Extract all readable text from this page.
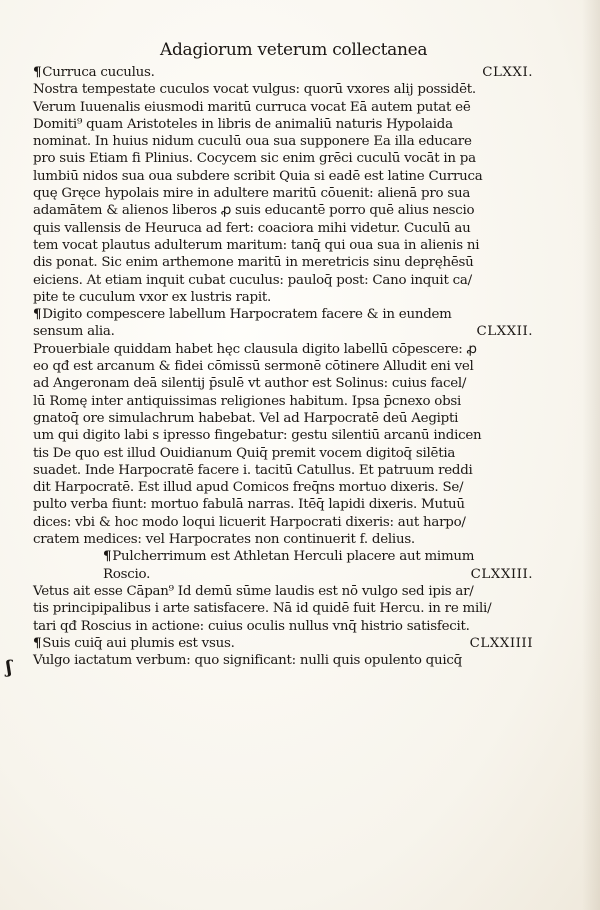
Adagiorum veterum collectanea
ʃ
¶Curruca cuculus.	CLXXI.
Nostra tempestate cuculos vocat vulgus: quorū vxores alij possidēt.
Verum Iuuenalis eiusmodi maritū curruca vocat Eā autem putat eē
Domiti⁹ quam Aristoteles in libris de animaliū naturis Hypolaida
nominat. In huius nidum cuculū oua sua supponere Ea illa educare
pro suis Etiam fi Plinius. Cocycem sic enim grēci cuculū vocāt in pa
lumbiū nidos sua oua subdere scribit Quia si eadē est latine Curruca
quę Gręce hypolais mire in adultere maritū cōuenit: alienā pro sua
adamātem & alienos liberos ꝓ suis educantē porro quē alius nescio
quis vallensis de Heuruca ad fert: coaciora mihi videtur. Cuculū au
tem vocat plautus adulterum maritum: tanq̄ qui oua sua in alienis ni
dis ponat. Sic enim arthemone maritū in meretricis sinu depręhēsū
eiciens. At etiam inquit cubat cuculus: pauloq̄ post: Cano inquit ca/
pite te cuculum vxor ex lustris rapit.
¶Digito compescere labellum Harpocratem facere & in eundem
sensum alia.	CLXXII.
Prouerbiale quiddam habet hęc clausula digito labellū cōpescere: ꝓ
eo qđ est arcanum & fidei cōmissū sermonē cōtinere Alludit eni vel
ad Angeronam deā silentij p̄sulē vt author est Solinus: cuius facel/
lū Romę inter antiquissimas religiones habitum. Ipsa p̄cnexo obsi
gnatoq̄ ore simulachrum habebat. Vel ad Harpocratē deū Aegipti
um qui digito labi s ipresso fingebatur: gestu silentiū arcanū indicen
tis De quo est illud Ouidianum Quiq̄ premit vocem digitoq̄ silētia
suadet. Inde Harpocratē facere i. tacitū Catullus. Et patruum reddi
dit Harpocratē. Est illud apud Comicos freq̄ns mortuo dixeris. Se/
pulto verba fiunt: mortuo fabulā narras. Itēq̄ lapidi dixeris. Mutuū
dices: vbi & hoc modo loqui licuerit Harpocrati dixeris: aut harpo/
cratem medices: vel Harpocrates non continuerit f. delius.
¶Pulcherrimum est Athletan Herculi placere aut mimum
Roscio.	CLXXIII.
Vetus ait esse Cāpan⁹ Id demū sūme laudis est nō vulgo sed ipis ar/
tis principipalibus i arte satisfacere. Nā id quidē fuit Hercu. in re mili/
tari qđ Roscius in actione: cuius oculis nullus vnq̄ histrio satisfecit.
¶Suis cuiq̄ aui plumis est vsus.	CLXXIIII
Vulgo iactatum verbum: quo significant: nulli quis opulento quicq̄
